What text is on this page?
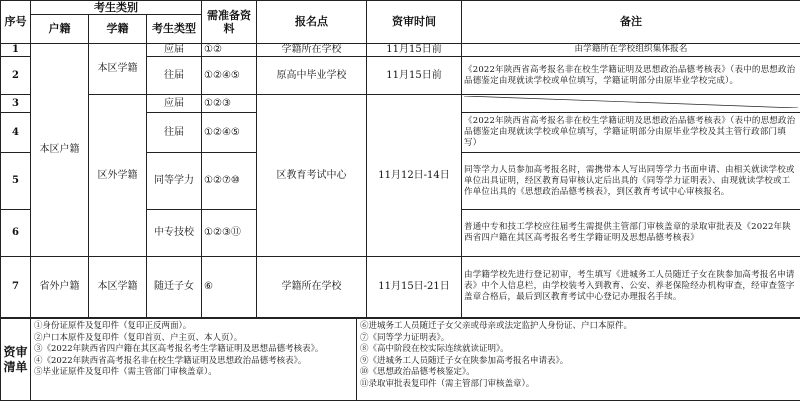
序号	考生类别			需准备资料	报名点	资审时间	备注
	户籍	学籍	考生类型				
1	本区户籍	本区学籍	应届	①②	学籍所在学校	11月15日前	由学籍所在学校组织集体报名
2			往届	①②④⑤	原高中毕业学校	11月15日前	《2022年陕西省高考报名非在校生学籍证明及思想政治品德考核表》（表中的思想政治品德鉴定由现就读学校或单位填写，学籍证明部分由原毕业学校完成）。
3		区外学籍	应届	①②③	区教育考试中心	11月12日-14日	
4			往届	①②④⑤			《2022年陕西省高考报名非在校生学籍证明及思想政治品德考核表》（表中的思想政治品德鉴定由现就读学校或单位填写，学籍证明部分由原毕业学校及其主管行政部门填写）
5			同等学力	①②⑦⑩			同等学力人员参加高考报名时，需携带本人写出同等学力书面申请、由相关就读学校或单位出具证明，经区教育局审核认定后出具的《同等学力证明表》、由现就读学校或工作单位出具的《思想政治品德考核表》，到区教育考试中心审核报名。
6			中专技校	①②③⑪			普通中专和技工学校应往届考生需提供主管部门审核盖章的录取审批表及《2022年陕西省四户籍在其区高考报名考生学籍证明及思想品德考核表》
7	省外户籍	本区学籍	随迁子女	⑥	学籍所在学校	11月15日-21日	由学籍学校先进行登记初审，考生填写《进城务工人员随迁子女在陕参加高考报名申请表》中个人信息栏，由学校装考入到教育、公安、养老保险经办机构审查，经审查签字盖章合格后，最后到区教育考试中心登记办理报名手续。
资审清单	
①身份证原件及复印件（复印正反两面）。
②户口本原件及复印件（复印首页、户主页、本人页）。
③《2022年陕西省四户籍在其区高考报名考生学籍证明及思想品德考核表》。
④《2022年陕西省高考报名非在校生学籍证明及思想政治品德考核表》。
⑤毕业证原件及复印件（需主管部门审核盖章）。

⑥进城务工人员随迁子女父亲或母亲或法定监护人身份证、户口本原件。
⑦《同等学力证明表》。
⑧《高中阶段在校实际连续就读证明》。
⑨《进城务工人员随迁子女在陕参加高考报名申请表》。
⑩《思想政治品德考核鉴定》。
⑪录取审批表复印件（需主管部门审核盖章）。
